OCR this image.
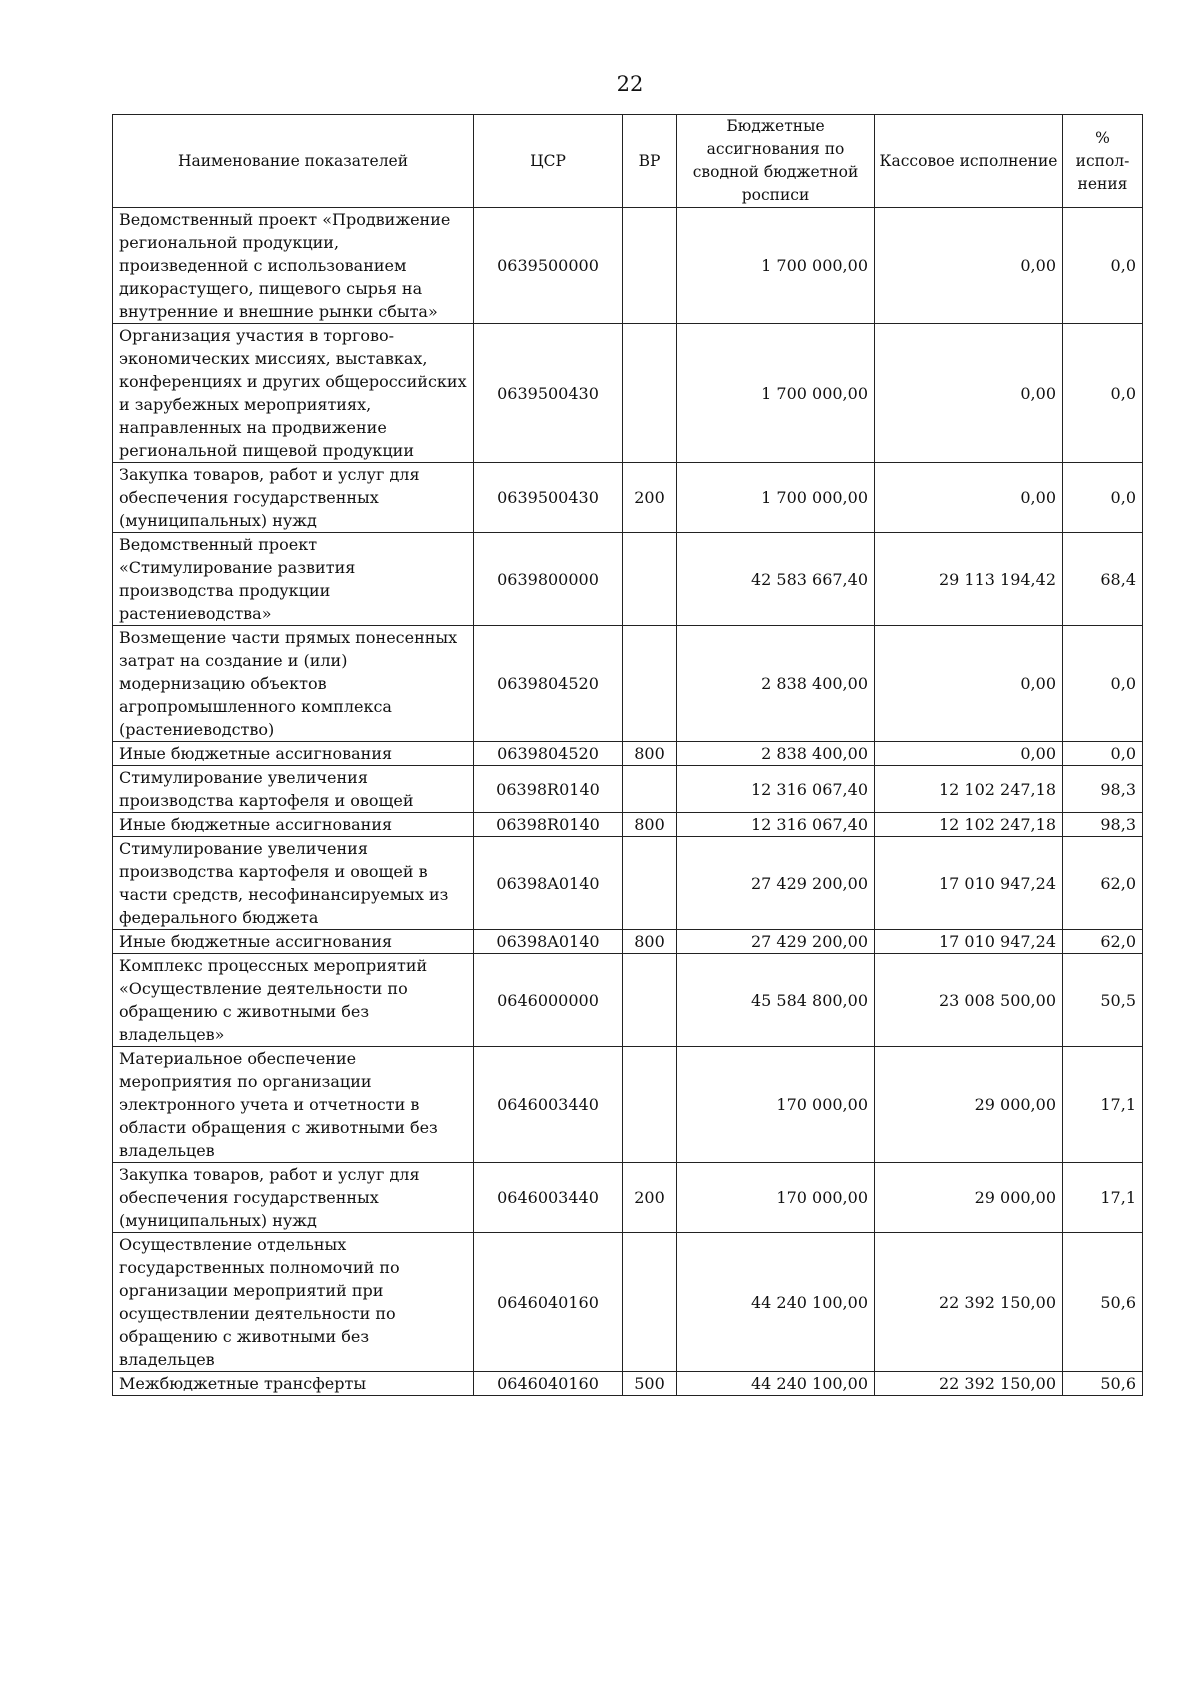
22
Наименование показателей	ЦСР	ВР	Бюджетные ассигнования по сводной бюджетной росписи	Кассовое исполнение	% испол-нения
Ведомственный проект «Продвижение региональной продукции, произведенной с использованием дикорастущего, пищевого сырья на внутренние и внешние рынки сбыта»	0639500000		1 700 000,00	0,00	0,0
Организация участия в торгово-экономических миссиях, выставках, конференциях и других общероссийских и зарубежных мероприятиях, направленных на продвижение региональной пищевой продукции	0639500430		1 700 000,00	0,00	0,0
Закупка товаров, работ и услуг для обеспечения государственных (муниципальных) нужд	0639500430	200	1 700 000,00	0,00	0,0
Ведомственный проект «Стимулирование развития производства продукции растениеводства»	0639800000		42 583 667,40	29 113 194,42	68,4
Возмещение части прямых понесенных затрат на создание и (или) модернизацию объектов агропромышленного комплекса (растениеводство)	0639804520		2 838 400,00	0,00	0,0
Иные бюджетные ассигнования	0639804520	800	2 838 400,00	0,00	0,0
Стимулирование увеличения производства картофеля и овощей	06398R0140		12 316 067,40	12 102 247,18	98,3
Иные бюджетные ассигнования	06398R0140	800	12 316 067,40	12 102 247,18	98,3
Стимулирование увеличения производства картофеля и овощей в части средств, несофинансируемых из федерального бюджета	06398A0140		27 429 200,00	17 010 947,24	62,0
Иные бюджетные ассигнования	06398A0140	800	27 429 200,00	17 010 947,24	62,0
Комплекс процессных мероприятий «Осуществление деятельности по обращению с животными без владельцев»	0646000000		45 584 800,00	23 008 500,00	50,5
Материальное обеспечение мероприятия по организации электронного учета и отчетности в области обращения с животными без владельцев	0646003440		170 000,00	29 000,00	17,1
Закупка товаров, работ и услуг для обеспечения государственных (муниципальных) нужд	0646003440	200	170 000,00	29 000,00	17,1
Осуществление отдельных государственных полномочий по организации мероприятий при осуществлении деятельности по обращению с животными без владельцев	0646040160		44 240 100,00	22 392 150,00	50,6
Межбюджетные трансферты	0646040160	500	44 240 100,00	22 392 150,00	50,6
